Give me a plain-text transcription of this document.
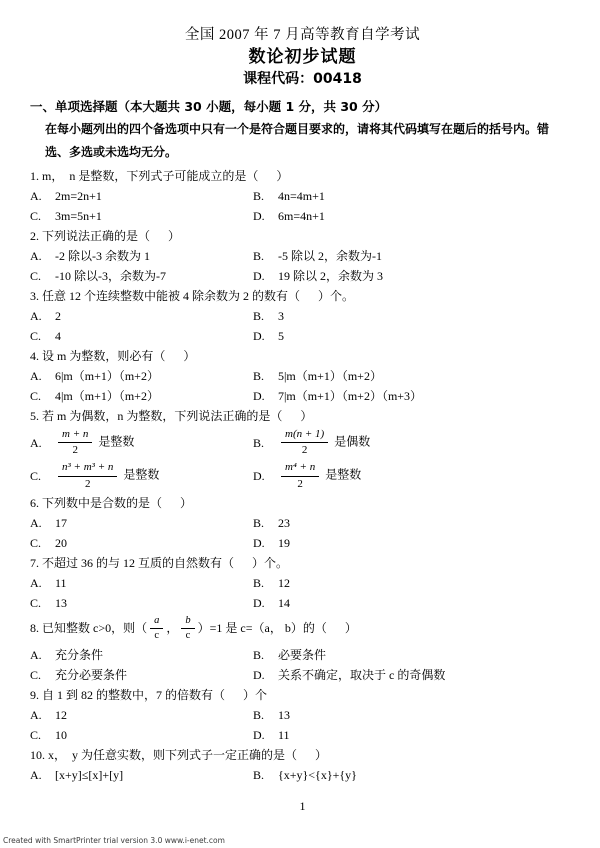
全国 2007 年 7 月高等教育自学考试
数论初步试题
课程代码：00418
一、单项选择题（本大题共 30 小题，每小题 1 分，共 30 分）
在每小题列出的四个备选项中只有一个是符合题目要求的，请将其代码填写在题后的括号内。错选、多选或未选均无分。
1. m，  n 是整数，下列式子可能成立的是（      ）
A.	2m=2n+1	B.	4n=4m+1
C.	3m=5n+1	D.	6m=4n+1
2. 下列说法正确的是（      ）
A.	-2 除以-3 余数为 1	B.	-5 除以 2，余数为-1
C.	-10 除以-3，余数为-7	D.	19 除以 2，余数为 3
3. 任意 12 个连续整数中能被 4 除余数为 2 的数有（      ）个。
A.	2	B.	3
C.	4	D.	5
4. 设 m 为整数，则必有（      ）
A.	6|m（m+1）（m+2）	B.	5|m（m+1）（m+2）
C.	4|m（m+1）（m+2）	D.	7|m（m+1）（m+2）（m+3）
5. 若 m 为偶数，n 为整数，下列说法正确的是（      ）
A.	$\frac{m + n}{2}$ 是整数	B.	$\frac{m(n + 1)}{2}$ 是偶数
C.	$\frac{\text{n³ + m³ + n}}{2}$ 是整数	D.	$\frac{\text{m⁴ + n}}{2}$ 是整数
6. 下列数中是合数的是（      ）
A.	17	B.	23
C.	20	D.	19
7. 不超过 36 的与 12 互质的自然数有（      ）个。
A.	11	B.	12
C.	13	D.	14
8. 已知整数 c>0，则（ $\frac{a}{c}$ ， $\frac{b}{c} )=1$ 是 c=（a， b）的（      ）
A.	充分条件	B.	必要条件
C.	充分必要条件	D.	关系不确定，取决于 c 的奇偶数
9. 自 1 到 82 的整数中，7 的倍数有（      ）个
A.	12	B.	13
C.	10	D.	11
10. x，  y 为任意实数，则下列式子一定正确的是（      ）
A.	[x+y]≤[x]+[y]	B.	{x+y}<{x}+{y}
1
Created with SmartPrinter trial version 3.0 www.i-enet.com
